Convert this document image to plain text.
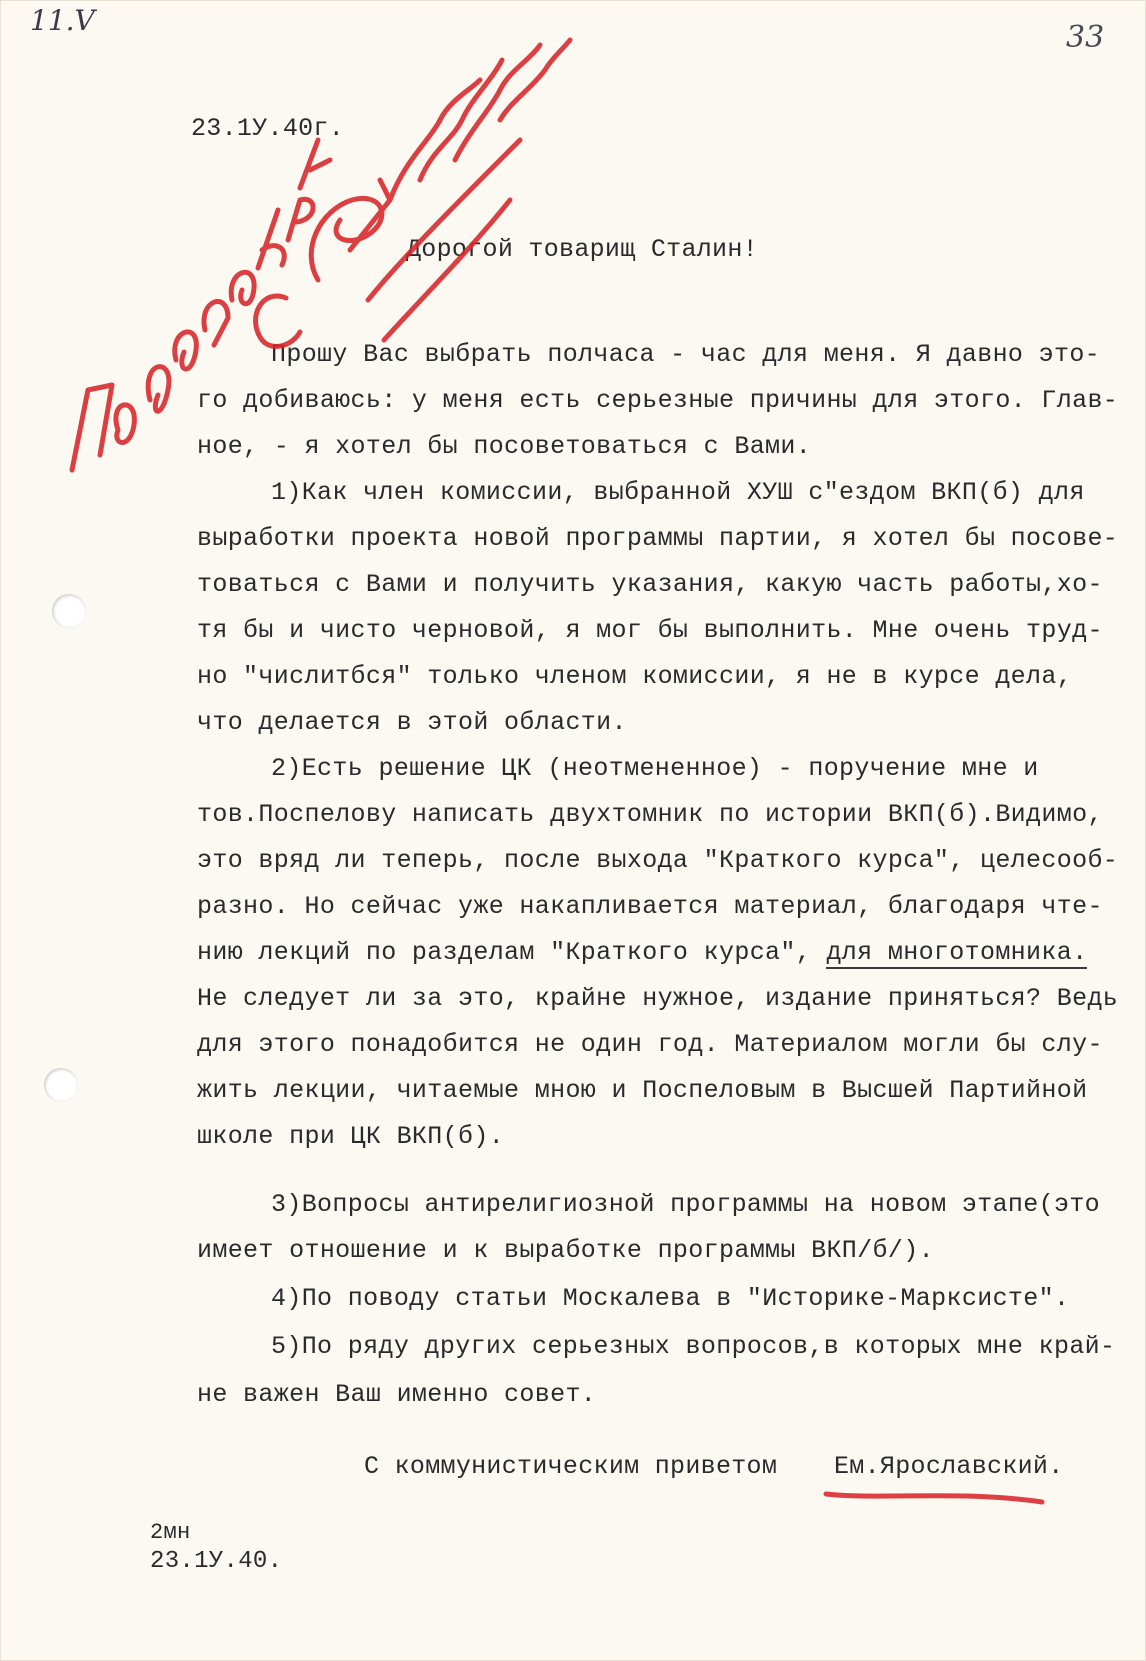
11.V	33
23.1У.40г.
Дорогой товарищ Сталин!
Прошу Вас выбрать полчаса - час для меня. Я давно это-
го добиваюсь: у меня есть серьезные причины для этого. Глав-
ное, - я хотел бы посоветоваться с Вами.
1)Как член комиссии, выбранной ХУШ с"ездом ВКП(б) для
выработки проекта новой программы партии, я хотел бы посове-
товаться с Вами и получить указания, какую часть работы,хо-
тя бы и чисто черновой, я мог бы выполнить. Мне очень труд-
но "числитбся" только членом комиссии, я не в курсе дела,
что делается в этой области.
2)Есть решение ЦК (неотмененное) - поручение мне и
тов.Поспелову написать двухтомник по истории ВКП(б).Видимо,
это вряд ли теперь, после выхода "Краткого курса", целесооб-
разно. Но сейчас уже накапливается материал, благодаря чте-
нию лекций по разделам "Краткого курса", для многотомника.
Не следует ли за это, крайне нужное, издание приняться? Ведь
для этого понадобится не один год. Материалом могли бы слу-
жить лекции, читаемые мною и Поспеловым в Высшей Партийной
школе при ЦК ВКП(б).
3)Вопросы антирелигиозной программы на новом этапе(это
имеет отношение и к выработке программы ВКП/б/).
4)По поводу статьи Москалева в "Историке-Марксисте".
5)По ряду других серьезных вопросов,в которых мне край-
не важен Ваш именно совет.
С коммунистическим приветом Ем.Ярославский.
2мн
23.1У.40.
